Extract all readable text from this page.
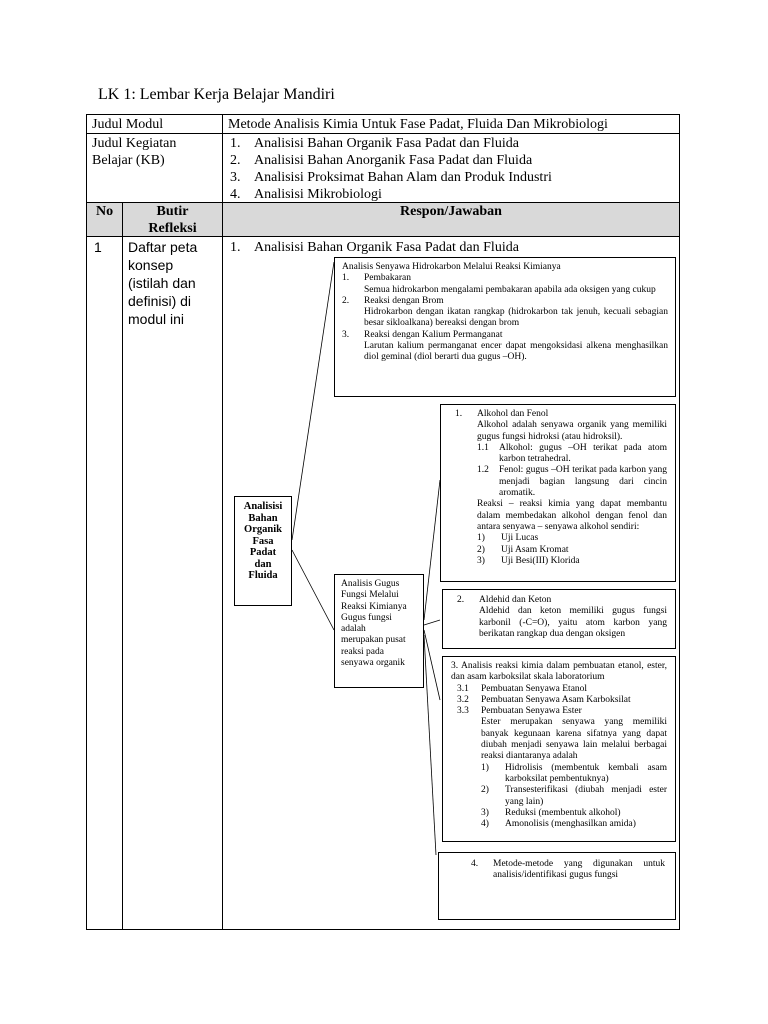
LK 1: Lembar Kerja Belajar Mandiri
Judul Modul	Metode Analisis Kimia Untuk Fase Padat, Fluida Dan Mikrobiologi
Judul Kegiatan
Belajar (KB)
1. Analisisi Bahan Organik Fasa Padat dan Fluida
2. Analisisi Bahan Anorganik Fasa Padat dan Fluida
3. Analisisi Proksimat Bahan Alam dan Produk Industri
4. Analisisi Mikrobiologi
No	Butir
Refleksi
Respon/Jawaban
1 Daftar peta
konsep
(istilah dan
definisi) di
modul ini
1. Analisisi Bahan Organik Fasa Padat dan Fluida
Analisisi
Bahan
Organik
Fasa
Padat
dan
Fluida

Analisis Senyawa Hidrokarbon Melalui Reaksi Kimianya

1.	Pembakaran

Semua hidrokarbon mengalami pembakaran apabila ada oksigen yang cukup

2.	Reaksi dengan Brom

Hidrokarbon dengan ikatan rangkap (hidrokarbon tak jenuh, kecuali sebagian besar sikloalkana) bereaksi dengan brom

3.	Reaksi dengan Kalium Permanganat

Larutan kalium permanganat encer dapat mengoksidasi alkena menghasilkan diol geminal (diol berarti dua gugus –OH).

Analisis Gugus
Fungsi Melalui
Reaksi Kimianya
Gugus fungsi
adalah
merupakan pusat
reaksi pada
senyawa organik
1.	Alkohol dan Fenol

Alkohol adalah senyawa organik yang memiliki gugus fungsi hidroksi (atau hidroksil).

1.1	Alkohol: gugus –OH terikat pada atom karbon tetrahedral.
1.2	Fenol: gugus –OH terikat pada karbon yang menjadi bagian langsung dari cincin aromatik.

Reaksi – reaksi kimia yang dapat membantu dalam membedakan alkohol dengan fenol dan antara senyawa – senyawa alkohol sendiri:

1)	Uji Lucas
2)	Uji Asam Kromat
3)	Uji Besi(III) Klorida
2.	Aldehid dan Keton

Aldehid dan keton memiliki gugus fungsi karbonil (-C=O), yaitu atom karbon yang berikatan rangkap dua dengan oksigen

3. Analisis reaksi kimia dalam pembuatan etanol, ester, dan asam karboksilat skala laboratorium

3.1	Pembuatan Senyawa Etanol
3.2	Pembuatan Senyawa Asam Karboksilat
3.3	Pembuatan Senyawa Ester

Ester merupakan senyawa yang memiliki banyak kegunaan karena sifatnya yang dapat diubah menjadi senyawa lain melalui berbagai reaksi diantaranya adalah

1)	Hidrolisis (membentuk kembali asam karboksilat pembentuknya)
2)	Transesterifikasi (diubah menjadi ester yang lain)
3)	Reduksi (membentuk alkohol)
4)	Amonolisis (menghasilkan amida)
4.	Metode-metode yang digunakan untuk analisis/identifikasi gugus fungsi
